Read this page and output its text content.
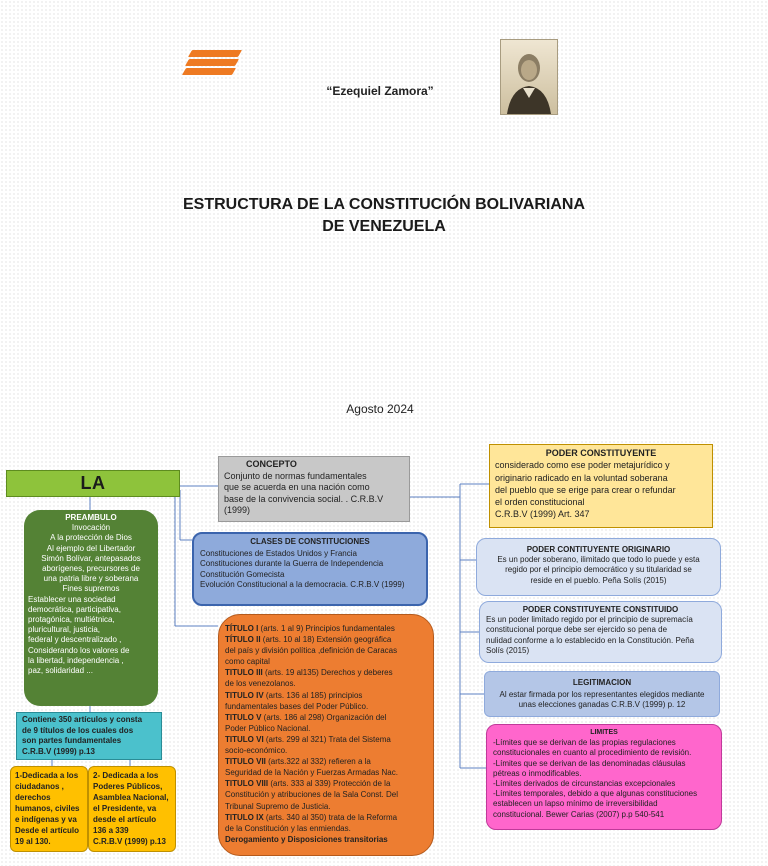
“Ezequiel Zamora”
ESTRUCTURA DE LA CONSTITUCIÓN BOLIVARIANA
DE VENEZUELA
Agosto 2024
LA
CONCEPTO
Conjunto de normas fundamentales
que se acuerda en una nación como
base de la convivencia social. . C.R.B.V
(1999)
PREAMBULO
Invocación
A la protección de Dios
Al ejemplo del Libertador
Simón Bolívar, antepasados
aborígenes, precursores de
una patria libre y soberana
Fines supremos
Establecer una sociedad
democrática, participativa,
protagónica, multiétnica,
pluricultural, justicia,
federal y descentralizado ,
Considerando los valores de
la libertad, independencia ,
paz, solidaridad ...
CLASES DE CONSTITUCIONES
Constituciones de Estados Unidos y Francia
Constituciones durante la Guerra de Independencia
Constitución Gomecista
Evolución Constitucional a la democracia. C.R.B.V (1999)
PODER CONSTITUYENTE
considerado como ese poder metajurídico y
originario radicado en la voluntad soberana
del pueblo que se erige para crear o refundar
el orden constitucional
C.R.B.V (1999) Art. 347
PODER CONTITUYENTE ORIGINARIO
Es un poder soberano, ilimitado que todo lo puede y esta
regido por el principio democrático y su titularidad se
reside en el pueblo. Peña Solís (2015)
PODER CONSTITUYENTE CONSTITUIDO
Es un poder limitado regido por el principio de supremacía
constitucional porque debe ser ejercido so pena de
nulidad conforme a lo establecido en la Constitución. Peña
Solís (2015)
LEGITIMACION
Al estar firmada por los representantes elegidos mediante
unas elecciones ganadas C.R.B.V (1999) p. 12
LIMITES
-Límites que se derivan de las propias regulaciones
constitucionales en cuanto al procedimiento de revisión.
-Límites que se derivan de las denominadas cláusulas
pétreas o inmodificables.
-Límites derivados de circunstancias excepcionales
-Límites temporales, debido a que algunas constituciones
establecen un lapso mínimo de irreversibilidad
constitucional. Bewer Carias (2007) p.p 540-541
TÍTULO I (arts. 1 al 9) Principios fundamentales
TÍTULO II (arts. 10 al 18) Extensión geográfica
del país y división política ,definición de Caracas
como capital
TITULO III (arts. 19 al135) Derechos y deberes
de los venezolanos.
TITULO IV (arts. 136 al 185) principios
fundamentales bases del Poder Público.
TITULO V (arts. 186 al 298) Organización del
Poder Público Nacional.
TITULO VI (arts. 299 al 321) Trata del Sistema
socio-económico.
TITULO VII (arts.322 al 332) refieren a la
Seguridad de la Nación y Fuerzas Armadas Nac.
TITULO VIII (arts. 333 al 339) Protección de la
Constitución y atribuciones de la Sala Const. Del
Tribunal Supremo de Justicia.
TITULO IX (arts. 340 al 350) trata de la Reforma
de la Constitución y las enmiendas.
Derogamiento y Disposiciones transitorias
Contiene 350 artículos y consta
de 9 títulos de los cuales dos
son partes fundamentales
C.R.B.V (1999) p.13
1-Dedicada a los
ciudadanos ,
derechos
humanos, civiles
e indígenas y va
Desde el artículo
19 al 130.
2- Dedicada a los
Poderes Públicos,
Asamblea Nacional,
el Presidente, va
desde el artículo
136 a 339
C.R.B.V (1999) p.13
